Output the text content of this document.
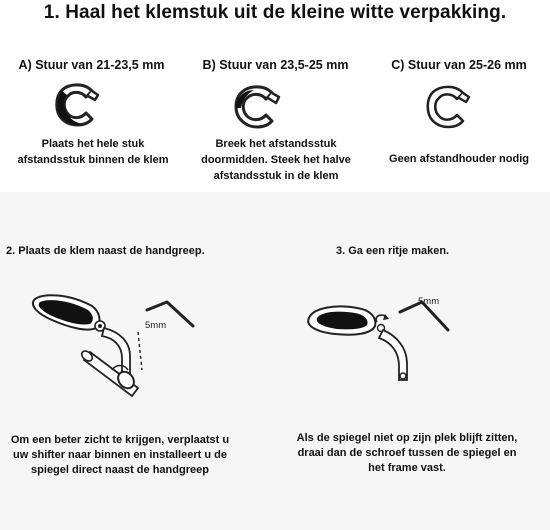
1. Haal het klemstuk uit de kleine witte verpakking.
A) Stuur van 21-23,5 mm
Plaats het hele stuk afstandsstuk binnen de klem
B) Stuur van 23,5-25 mm
Breek het afstandsstuk doormidden. Steek het halve afstandsstuk in de klem
C) Stuur van 25-26 mm
Geen afstandhouder nodig
2. Plaats de klem naast de handgreep.
5mm
Om een beter zicht te krijgen, verplaatst u uw shifter naar binnen en installeert u de spiegel direct naast de handgreep
3. Ga een ritje maken.
5mm
Als de spiegel niet op zijn plek blijft zitten, draai dan de schroef tussen de spiegel en het frame vast.
